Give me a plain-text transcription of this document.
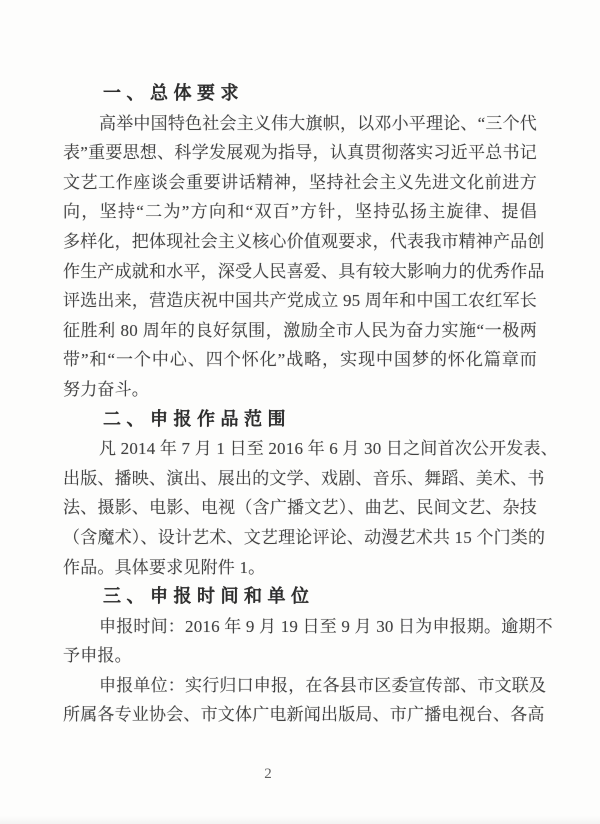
一、总体要求
高举中国特色社会主义伟大旗帜，以邓小平理论、“三个代
表”重要思想、科学发展观为指导，认真贯彻落实习近平总书记
文艺工作座谈会重要讲话精神，坚持社会主义先进文化前进方
向，坚持“二为”方向和“双百”方针，坚持弘扬主旋律、提倡
多样化，把体现社会主义核心价值观要求，代表我市精神产品创
作生产成就和水平，深受人民喜爱、具有较大影响力的优秀作品
评选出来，营造庆祝中国共产党成立 95 周年和中国工农红军长
征胜利 80 周年的良好氛围，激励全市人民为奋力实施“一极两
带”和“一个中心、四个怀化”战略，实现中国梦的怀化篇章而
努力奋斗。
二、申报作品范围
凡 2014 年 7 月 1 日至 2016 年 6 月 30 日之间首次公开发表、
出版、播映、演出、展出的文学、戏剧、音乐、舞蹈、美术、书
法、摄影、电影、电视（含广播文艺）、曲艺、民间文艺、杂技
（含魔术）、设计艺术、文艺理论评论、动漫艺术共 15 个门类的
作品。具体要求见附件 1。
三、申报时间和单位
申报时间：2016 年 9 月 19 日至 9 月 30 日为申报期。逾期不
予申报。
申报单位：实行归口申报，在各县市区委宣传部、市文联及
所属各专业协会、市文体广电新闻出版局、市广播电视台、各高
2
